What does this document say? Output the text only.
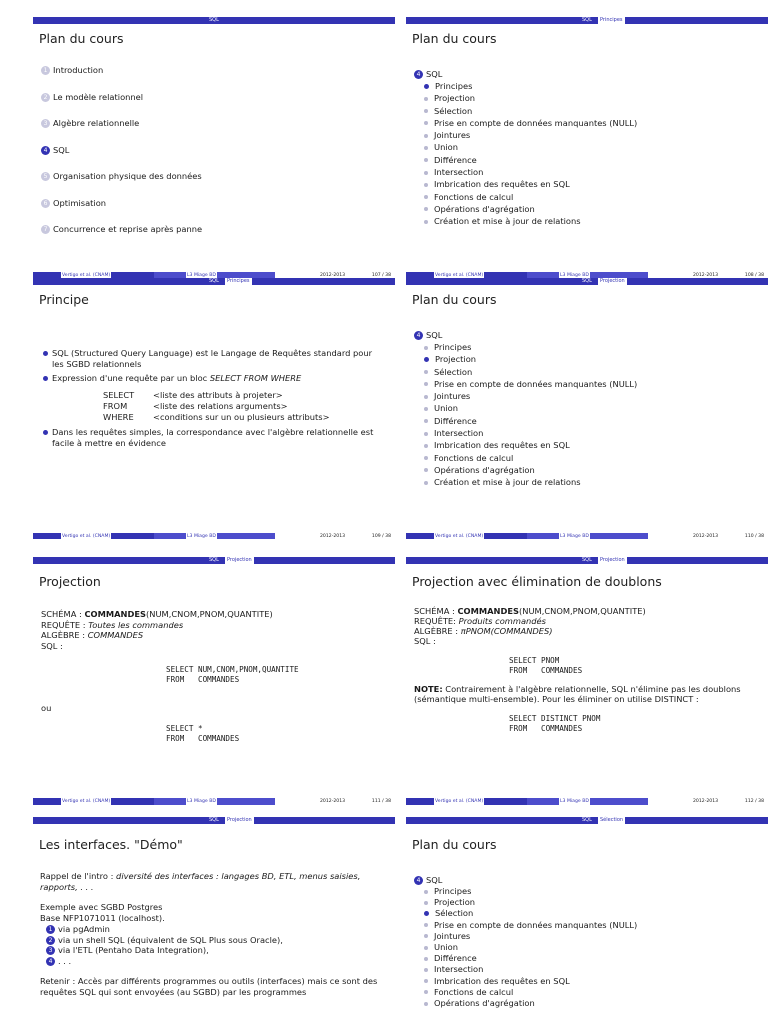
SQL
Plan du cours
1 Introduction
2 Le modèle relationnel
3 Algèbre relationnelle
4 SQL
5 Organisation physique des données
6 Optimisation
7 Concurrence et reprise après panne
Vertigo et al. (CNAM)	L3 Miage BD	2012-2013	107 / 38
SQL	Principes
Plan du cours
4 SQL
Principes
Projection
Sélection
Prise en compte de données manquantes (NULL)
Jointures
Union
Différence
Intersection
Imbrication des requêtes en SQL
Fonctions de calcul
Opérations d'agrégation
Création et mise à jour de relations
Vertigo et al. (CNAM)	L3 Miage BD	2012-2013	108 / 38
SQL	Principes
Principe
SQL (Structured Query Language) est le Langage de Requêtes standard pour les SGBD relationnels
Expression d'une requête par un bloc SELECT FROM WHERE
SELECT <liste des attributs à projeter>
FROM	<liste des relations arguments>
WHERE <conditions sur un ou plusieurs attributs>
Dans les requêtes simples, la correspondance avec l'algèbre relationnelle est facile à mettre en évidence
Vertigo et al. (CNAM)	L3 Miage BD	2012-2013	109 / 38
SQL	Projection
Plan du cours
4 SQL
Principes
Projection
Sélection
Prise en compte de données manquantes (NULL)
Jointures
Union
Différence
Intersection
Imbrication des requêtes en SQL
Fonctions de calcul
Opérations d'agrégation
Création et mise à jour de relations
Vertigo et al. (CNAM)	L3 Miage BD	2012-2013	110 / 38
SQL	Projection
Projection
SCHÉMA : COMMANDES(NUM,CNOM,PNOM,QUANTITE)
REQUÊTE : Toutes les commandes
ALGÈBRE : COMMANDES
SQL :
SELECT NUM,CNOM,PNOM,QUANTITE
FROM   COMMANDES
ou
SELECT *
FROM   COMMANDES
Vertigo et al. (CNAM)	L3 Miage BD	2012-2013	111 / 38
SQL	Projection
Projection avec élimination de doublons
SCHÉMA : COMMANDES(NUM,CNOM,PNOM,QUANTITE)
REQUÊTE: Produits commandés
ALGÈBRE : πPNOM(COMMANDES)
SQL :
SELECT PNOM
FROM   COMMANDES
NOTE: Contrairement à l'algèbre relationnelle, SQL n'élimine pas les doublons (sémantique multi-ensemble). Pour les éliminer on utilise DISTINCT :
SELECT DISTINCT PNOM
FROM   COMMANDES
Vertigo et al. (CNAM)	L3 Miage BD	2012-2013	112 / 38
SQL	Projection
Les interfaces. "Démo"
Rappel de l'intro : diversité des interfaces : langages BD, ETL, menus saisies, rapports, . . .
Exemple avec SGBD Postgres
Base NFP1071011 (localhost).
1 via pgAdmin
2 via un shell SQL (équivalent de SQL Plus sous Oracle),
3 via l'ETL (Pentaho Data Integration),
4 . . .
Retenir : Accès par différents programmes ou outils (interfaces) mais ce sont des requêtes SQL qui sont envoyées (au SGBD) par les programmes
SQL	Sélection
Plan du cours
4 SQL
Principes
Projection
Sélection
Prise en compte de données manquantes (NULL)
Jointures
Union
Différence
Intersection
Imbrication des requêtes en SQL
Fonctions de calcul
Opérations d'agrégation
